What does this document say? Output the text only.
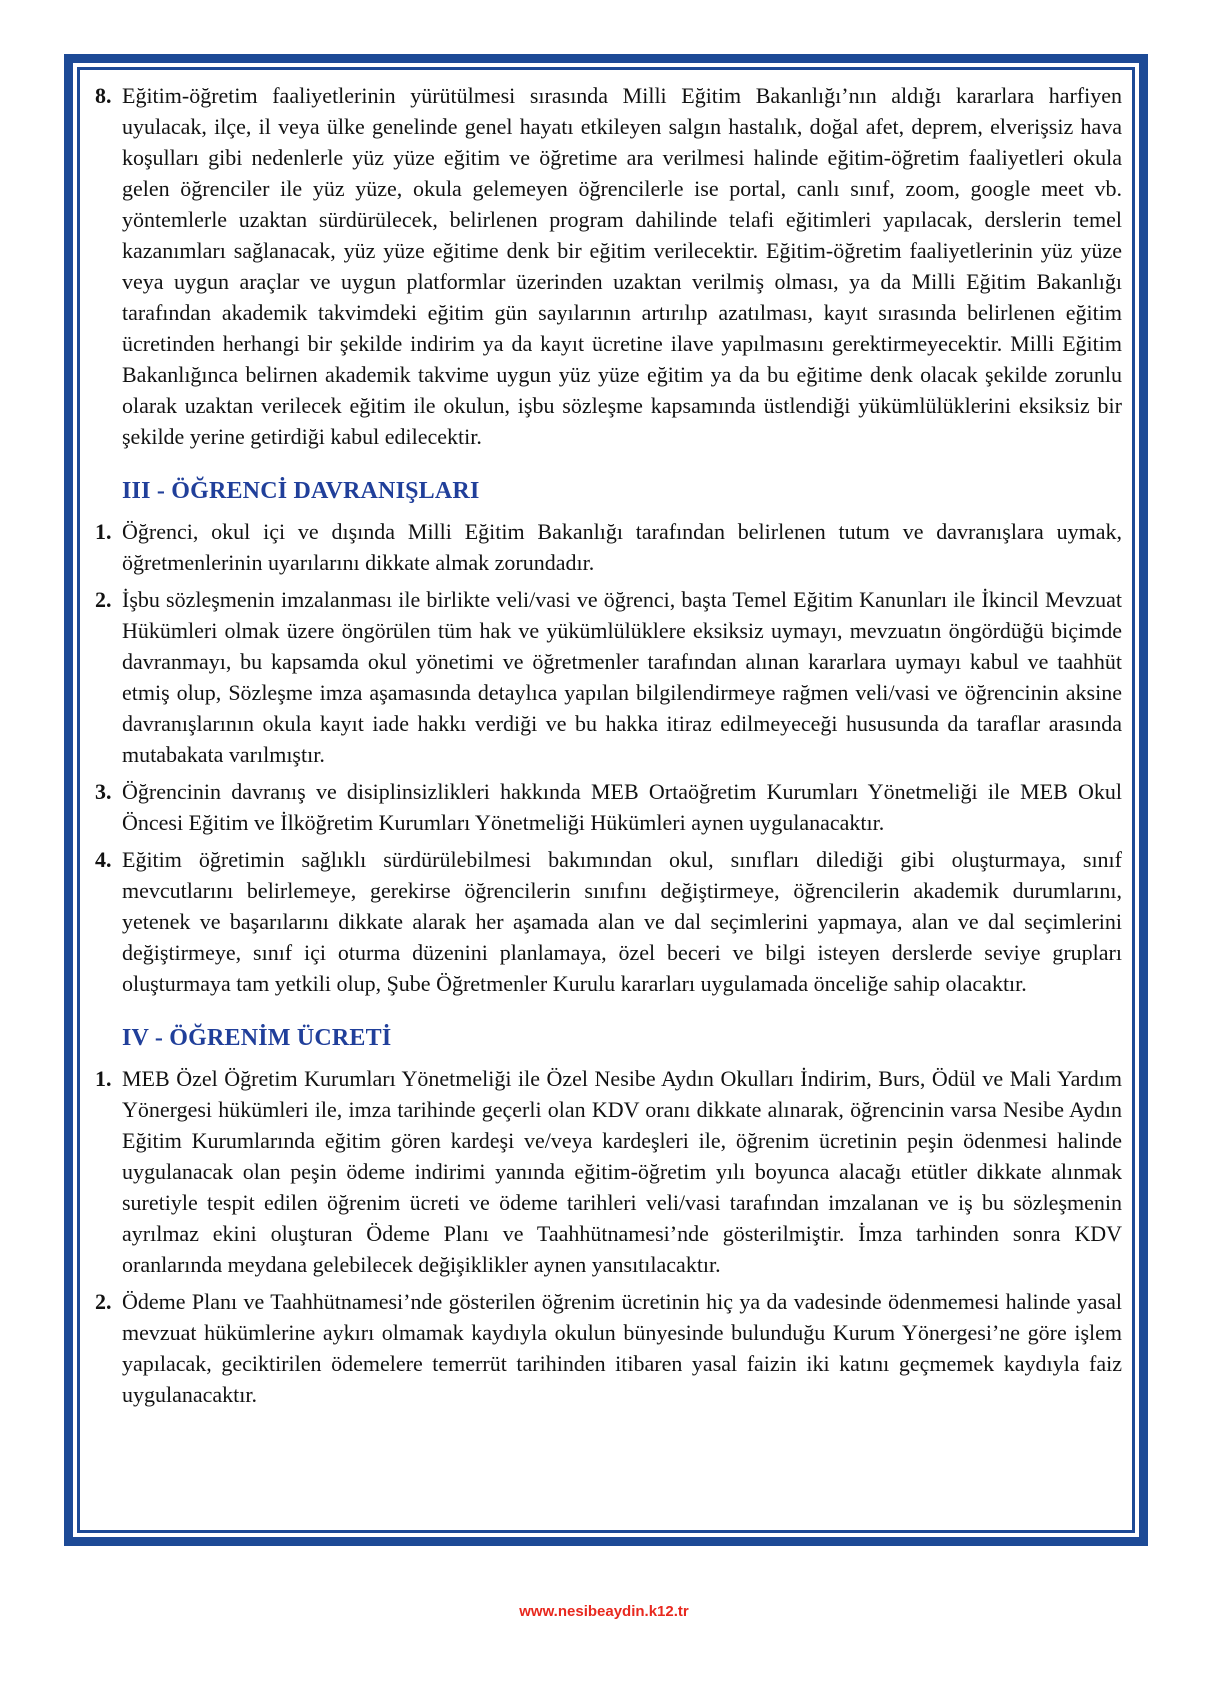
8. Eğitim-öğretim faaliyetlerinin yürütülmesi sırasında Milli Eğitim Bakanlığı’nın aldığı kararlara harfiyen uyulacak, ilçe, il veya ülke genelinde genel hayatı etkileyen salgın hastalık, doğal afet, deprem, elverişsiz hava koşulları gibi nedenlerle yüz yüze eğitim ve öğretime ara verilmesi halinde eğitim-öğretim faaliyetleri okula gelen öğrenciler ile yüz yüze, okula gelemeyen öğrencilerle ise portal, canlı sınıf, zoom, google meet vb. yöntemlerle uzaktan sürdürülecek, belirlenen program dahilinde telafi eğitimleri yapılacak, derslerin temel kazanımları sağlanacak, yüz yüze eğitime denk bir eğitim verilecektir. Eğitim-öğretim faaliyetlerinin yüz yüze veya uygun araçlar ve uygun platformlar üzerinden uzaktan verilmiş olması, ya da Milli Eğitim Bakanlığı tarafından akademik takvimdeki eğitim gün sayılarının artırılıp azatılması, kayıt sırasında belirlenen eğitim ücretinden herhangi bir şekilde indirim ya da kayıt ücretine ilave yapılmasını gerektirmeyecektir. Milli Eğitim Bakanlığınca belirnen akademik takvime uygun yüz yüze eğitim ya da bu eğitime denk olacak şekilde zorunlu olarak uzaktan verilecek eğitim ile okulun, işbu sözleşme kapsamında üstlendiği yükümlülüklerini eksiksiz bir şekilde yerine getirdiği kabul edilecektir.
III - ÖĞRENCİ DAVRANIŞLARI
1. Öğrenci, okul içi ve dışında Milli Eğitim Bakanlığı tarafından belirlenen tutum ve davranışlara uymak, öğretmenlerinin uyarılarını dikkate almak zorundadır.
2. İşbu sözleşmenin imzalanması ile birlikte veli/vasi ve öğrenci, başta Temel Eğitim Kanunları ile İkincil Mevzuat Hükümleri olmak üzere öngörülen tüm hak ve yükümlülüklere eksiksiz uymayı, mevzuatın öngördüğü biçimde davranmayı, bu kapsamda okul yönetimi ve öğretmenler tarafından alınan kararlara uymayı kabul ve taahhüt etmiş olup, Sözleşme imza aşamasında detaylıca yapılan bilgilendirmeye rağmen veli/vasi ve öğrencinin aksine davranışlarının okula kayıt iade hakkı verdiği ve bu hakka itiraz edilmeyeceği hususunda da taraflar arasında mutabakata varılmıştır.
3. Öğrencinin davranış ve disiplinsizlikleri hakkında MEB Ortaöğretim Kurumları Yönetmeliği ile MEB Okul Öncesi Eğitim ve İlköğretim Kurumları Yönetmeliği Hükümleri aynen uygulanacaktır.
4. Eğitim öğretimin sağlıklı sürdürülebilmesi bakımından okul, sınıfları dilediği gibi oluşturmaya, sınıf mevcutlarını belirlemeye, gerekirse öğrencilerin sınıfını değiştirmeye, öğrencilerin akademik durumlarını, yetenek ve başarılarını dikkate alarak her aşamada alan ve dal seçimlerini yapmaya, alan ve dal seçimlerini değiştirmeye, sınıf içi oturma düzenini planlamaya, özel beceri ve bilgi isteyen derslerde seviye grupları oluşturmaya tam yetkili olup, Şube Öğretmenler Kurulu kararları uygulamada önceliğe sahip olacaktır.
IV - ÖĞRENİM ÜCRETİ
1. MEB Özel Öğretim Kurumları Yönetmeliği ile Özel Nesibe Aydın Okulları İndirim, Burs, Ödül ve Mali Yardım Yönergesi hükümleri ile, imza tarihinde geçerli olan KDV oranı dikkate alınarak, öğrencinin varsa Nesibe Aydın Eğitim Kurumlarında eğitim gören kardeşi ve/veya kardeşleri ile, öğrenim ücretinin peşin ödenmesi halinde uygulanacak olan peşin ödeme indirimi yanında eğitim-öğretim yılı boyunca alacağı etütler dikkate alınmak suretiyle tespit edilen öğrenim ücreti ve ödeme tarihleri veli/vasi tarafından imzalanan ve iş bu sözleşmenin ayrılmaz ekini oluşturan Ödeme Planı ve Taahhütnamesi’nde gösterilmiştir. İmza tarhinden sonra KDV oranlarında meydana gelebilecek değişiklikler aynen yansıtılacaktır.
2. Ödeme Planı ve Taahhütnamesi’nde gösterilen öğrenim ücretinin hiç ya da vadesinde ödenmemesi halinde yasal mevzuat hükümlerine aykırı olmamak kaydıyla okulun bünyesinde bulunduğu Kurum Yönergesi’ne göre işlem yapılacak, geciktirilen ödemelere temerrüt tarihinden itibaren yasal faizin iki katını geçmemek kaydıyla faiz uygulanacaktır.
www.nesibeaydin.k12.tr
